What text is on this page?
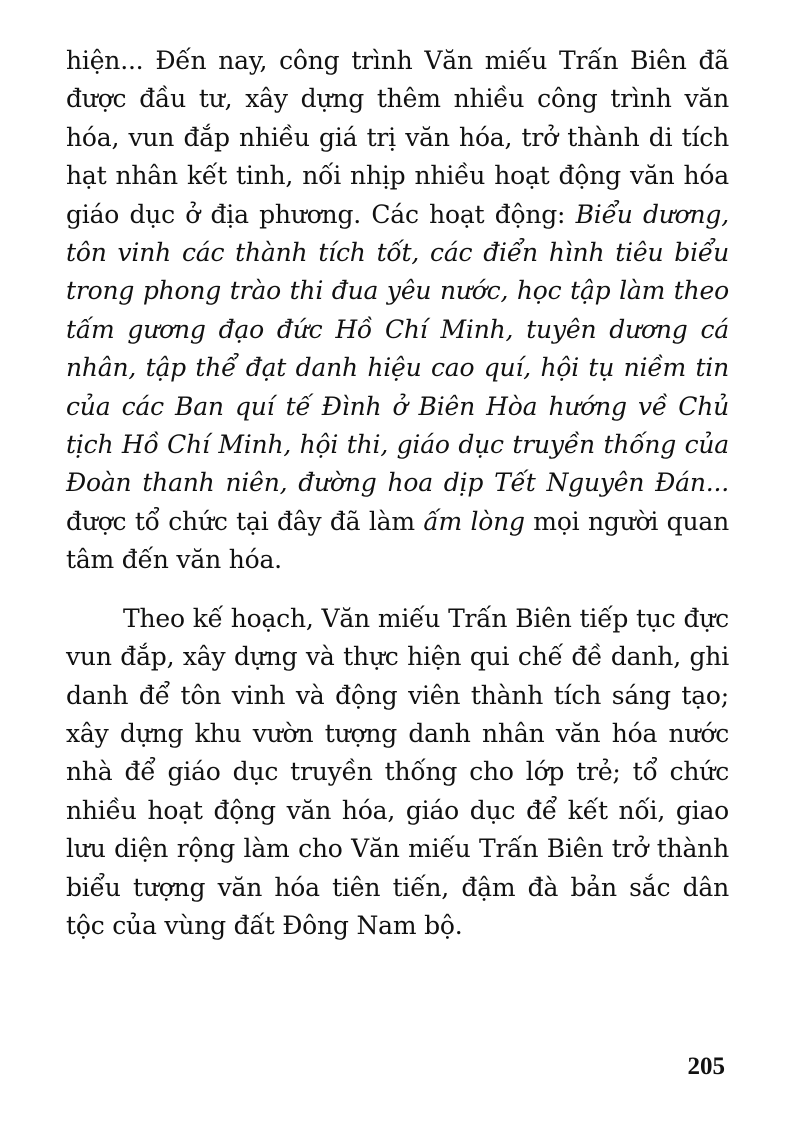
hiện... Đến nay, công trình Văn miếu Trấn Biên đã được đầu tư, xây dựng thêm nhiều công trình văn hóa, vun đắp nhiều giá trị văn hóa, trở thành di tích hạt nhân kết tinh, nối nhịp nhiều hoạt động văn hóa giáo dục ở địa phương. Các hoạt động: Biểu dương, tôn vinh các thành tích tốt, các điển hình tiêu biểu trong phong trào thi đua yêu nước, học tập làm theo tấm gương đạo đức Hồ Chí Minh, tuyên dương cá nhân, tập thể đạt danh hiệu cao quí, hội tụ niềm tin của các Ban quí tế Đình ở Biên Hòa hướng về Chủ tịch Hồ Chí Minh, hội thi, giáo dục truyền thống của Đoàn thanh niên, đường hoa dịp Tết Nguyên Đán... được tổ chức tại đây đã làm ấm lòng mọi người quan tâm đến văn hóa.

Theo kế hoạch, Văn miếu Trấn Biên tiếp tục đực vun đắp, xây dựng và thực hiện qui chế đề danh, ghi danh để tôn vinh và động viên thành tích sáng tạo; xây dựng khu vườn tượng danh nhân văn hóa nước nhà để giáo dục truyền thống cho lớp trẻ; tổ chức nhiều hoạt động văn hóa, giáo dục để kết nối, giao lưu diện rộng làm cho Văn miếu Trấn Biên trở thành biểu tượng văn hóa tiên tiến, đậm đà bản sắc dân tộc của vùng đất Đông Nam bộ.

205
